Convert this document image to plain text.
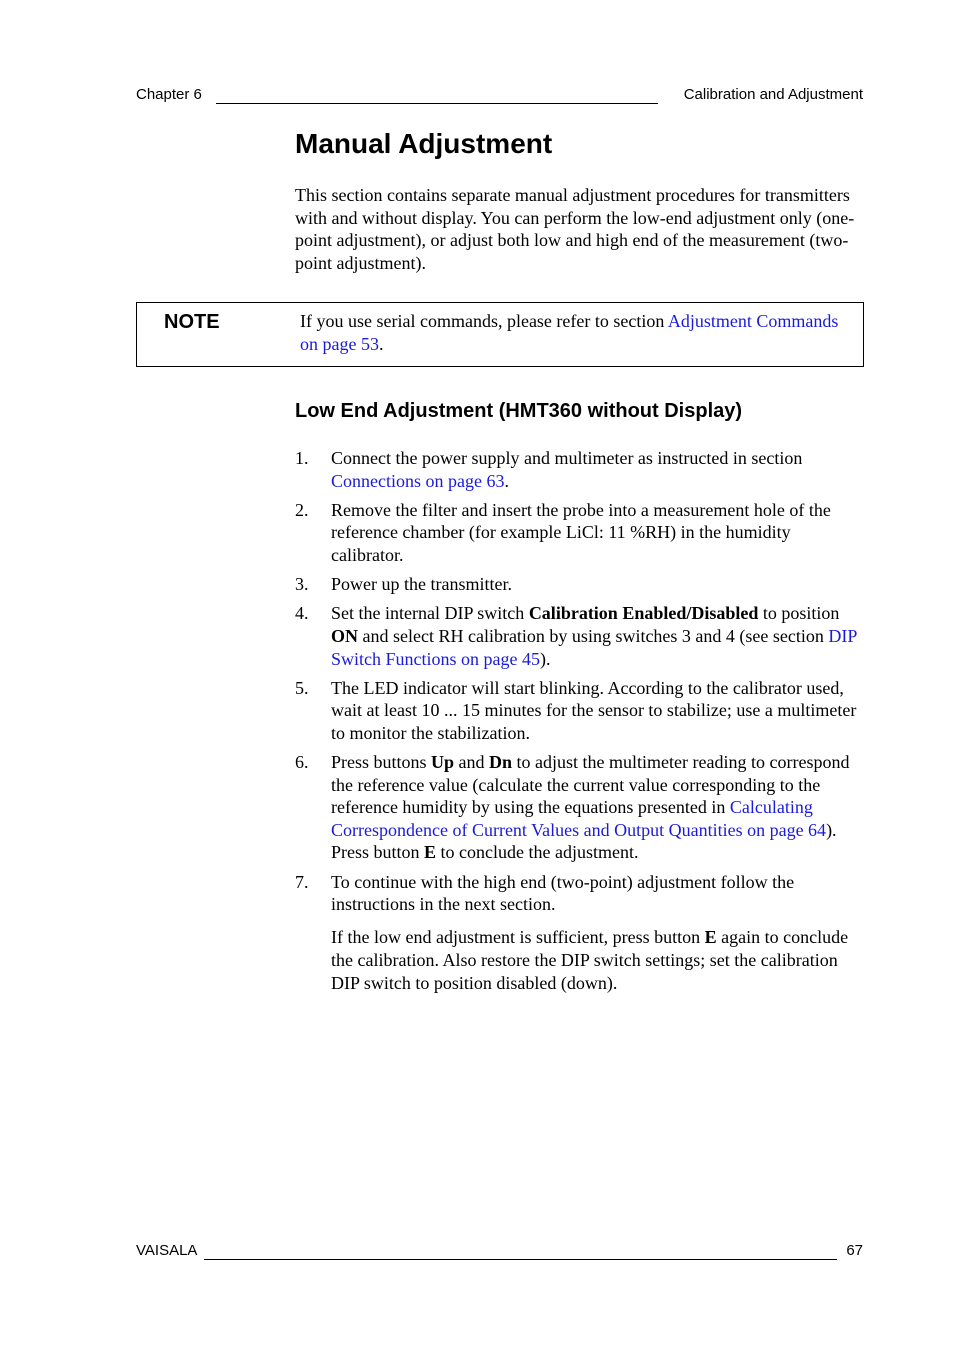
Chapter 6	Calibration and Adjustment
Manual Adjustment

This section contains separate manual adjustment procedures for transmitters with and without display. You can perform the low-end adjustment only (one-point adjustment), or adjust both low and high end of the measurement (two-point adjustment).

NOTE	If you use serial commands, please refer to section Adjustment Commands on page 53.

Low End Adjustment (HMT360 without Display)
1. Connect the power supply and multimeter as instructed in section Connections on page 63.

2. Remove the filter and insert the probe into a measurement hole of the reference chamber (for example LiCl: 11 %RH) in the humidity calibrator.

3. Power up the transmitter.

4. Set the internal DIP switch Calibration Enabled/Disabled to position ON and select RH calibration by using switches 3 and 4 (see section DIP Switch Functions on page 45).

5. The LED indicator will start blinking. According to the calibrator used, wait at least 10 ... 15 minutes for the sensor to stabilize; use a multimeter to monitor the stabilization.

6. Press buttons Up and Dn to adjust the multimeter reading to correspond the reference value (calculate the current value corresponding to the reference humidity by using the equations presented in Calculating Correspondence of Current Values and Output Quantities on page 64). Press button E to conclude the adjustment.

7. To continue with the high end (two-point) adjustment follow the instructions in the next section.

If the low end adjustment is sufficient, press button E again to conclude the calibration. Also restore the DIP switch settings; set the calibration DIP switch to position disabled (down).

VAISALA	67
